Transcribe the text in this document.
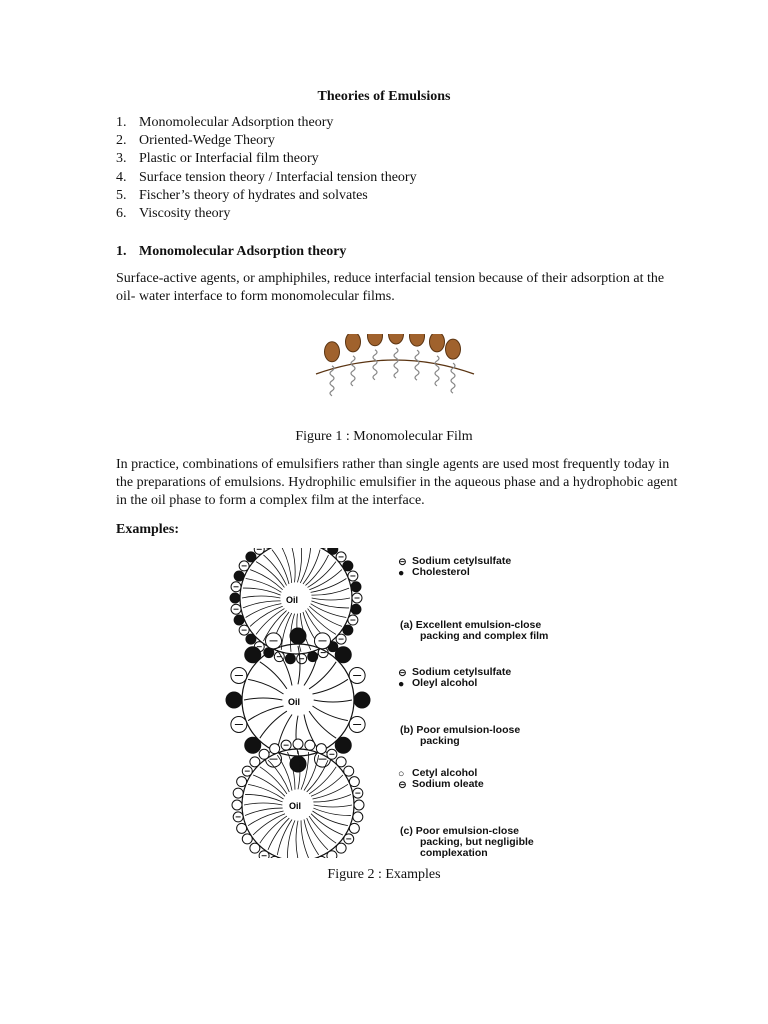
Theories of Emulsions
1. Monomolecular Adsorption theory
2. Oriented-Wedge Theory
3. Plastic or Interfacial film theory
4. Surface tension theory / Interfacial tension theory
5. Fischer’s theory of hydrates and solvates
6. Viscosity theory
1. Monomolecular Adsorption theory

Surface-active agents, or amphiphiles, reduce interfacial tension because of their adsorption at the oil- water interface to form monomolecular films.

Figure 1 : Monomolecular Film

In practice, combinations of emulsifiers rather than single agents are used most frequently today in the preparations of emulsions. Hydrophilic emulsifier in the aqueous phase and a hydrophobic agent in the oil phase to form a complex film at the interface.

Examples:
Oil
Oil
Oil
⊖ Sodium cetylsulfate
● Cholesterol
(a) Excellent emulsion-close
packing and complex film
⊖ Sodium cetylsulfate
● Oleyl alcohol
(b) Poor emulsion-loose
packing
○ Cetyl alcohol
⊖ Sodium oleate
(c) Poor emulsion-close
packing, but negligible
complexation
Figure 2 : Examples
